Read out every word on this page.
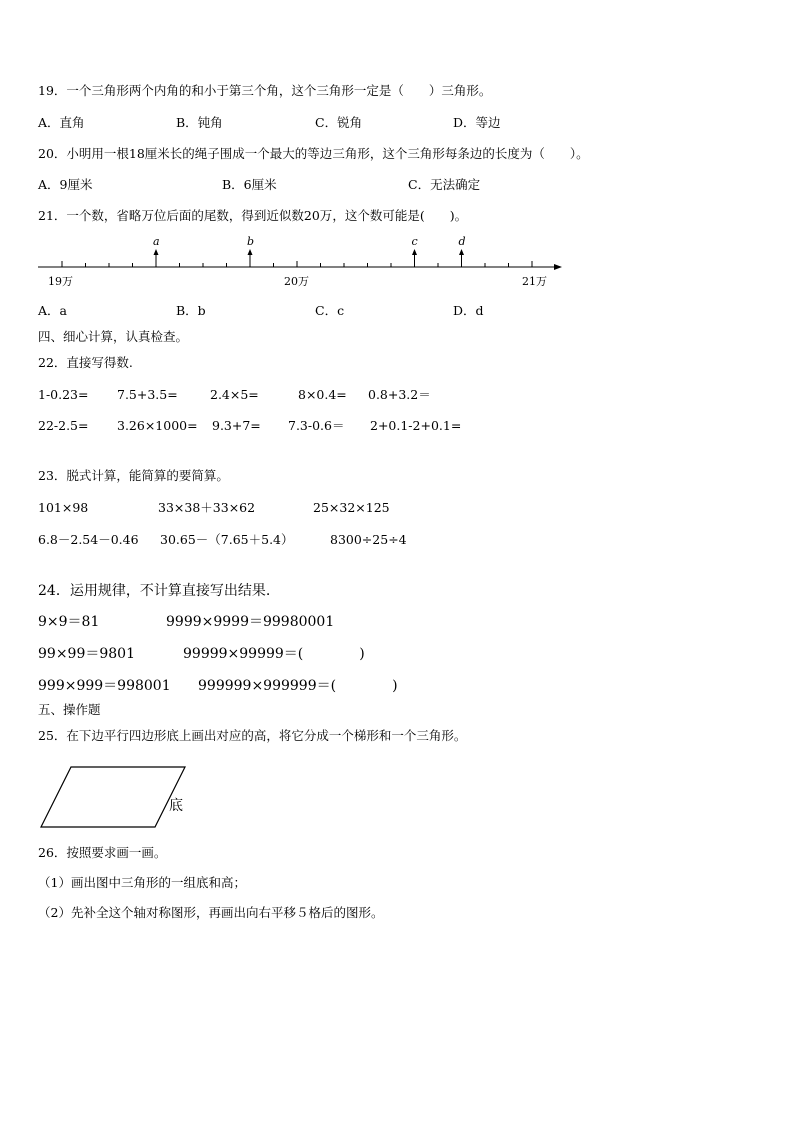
19．一个三角形两个内角的和小于第三个角，这个三角形一定是（　　）三角形。
A．直角	B．钝角	C．锐角	D．等边
20．小明用一根18厘米长的绳子围成一个最大的等边三角形，这个三角形每条边的长度为（　　）。
A．9厘米	B．6厘米	C．无法确定
21．一个数，省略万位后面的尾数，得到近似数20万，这个数可能是(　　)。
a	b	c	d
19万	20万	21万
A．a	B．b	C．c	D．d
四、细心计算，认真检查。
22．直接写得数.
1-0.23= 7.5+3.5=	2.4×5=	8×0.4= 0.8+3.2＝
22-2.5= 3.26×1000= 9.3+7= 7.3-0.6＝ 2+0.1-2+0.1=
23．脱式计算，能简算的要简算。
101×98	33×38＋33×62	25×32×125
6.8－2.54－0.46 30.65－（7.65＋5.4）	8300÷25÷4
24．运用规律，不计算直接写出结果.
9×9＝81	9999×9999＝99980001
99×99＝9801	99999×99999＝(　　　　)
999×999＝998001 999999×999999＝(　　　　)
五、操作题
25．在下边平行四边形底上画出对应的高，将它分成一个梯形和一个三角形。
底
26．按照要求画一画。
（1）画出图中三角形的一组底和高；
（2）先补全这个轴对称图形，再画出向右平移５格后的图形。
